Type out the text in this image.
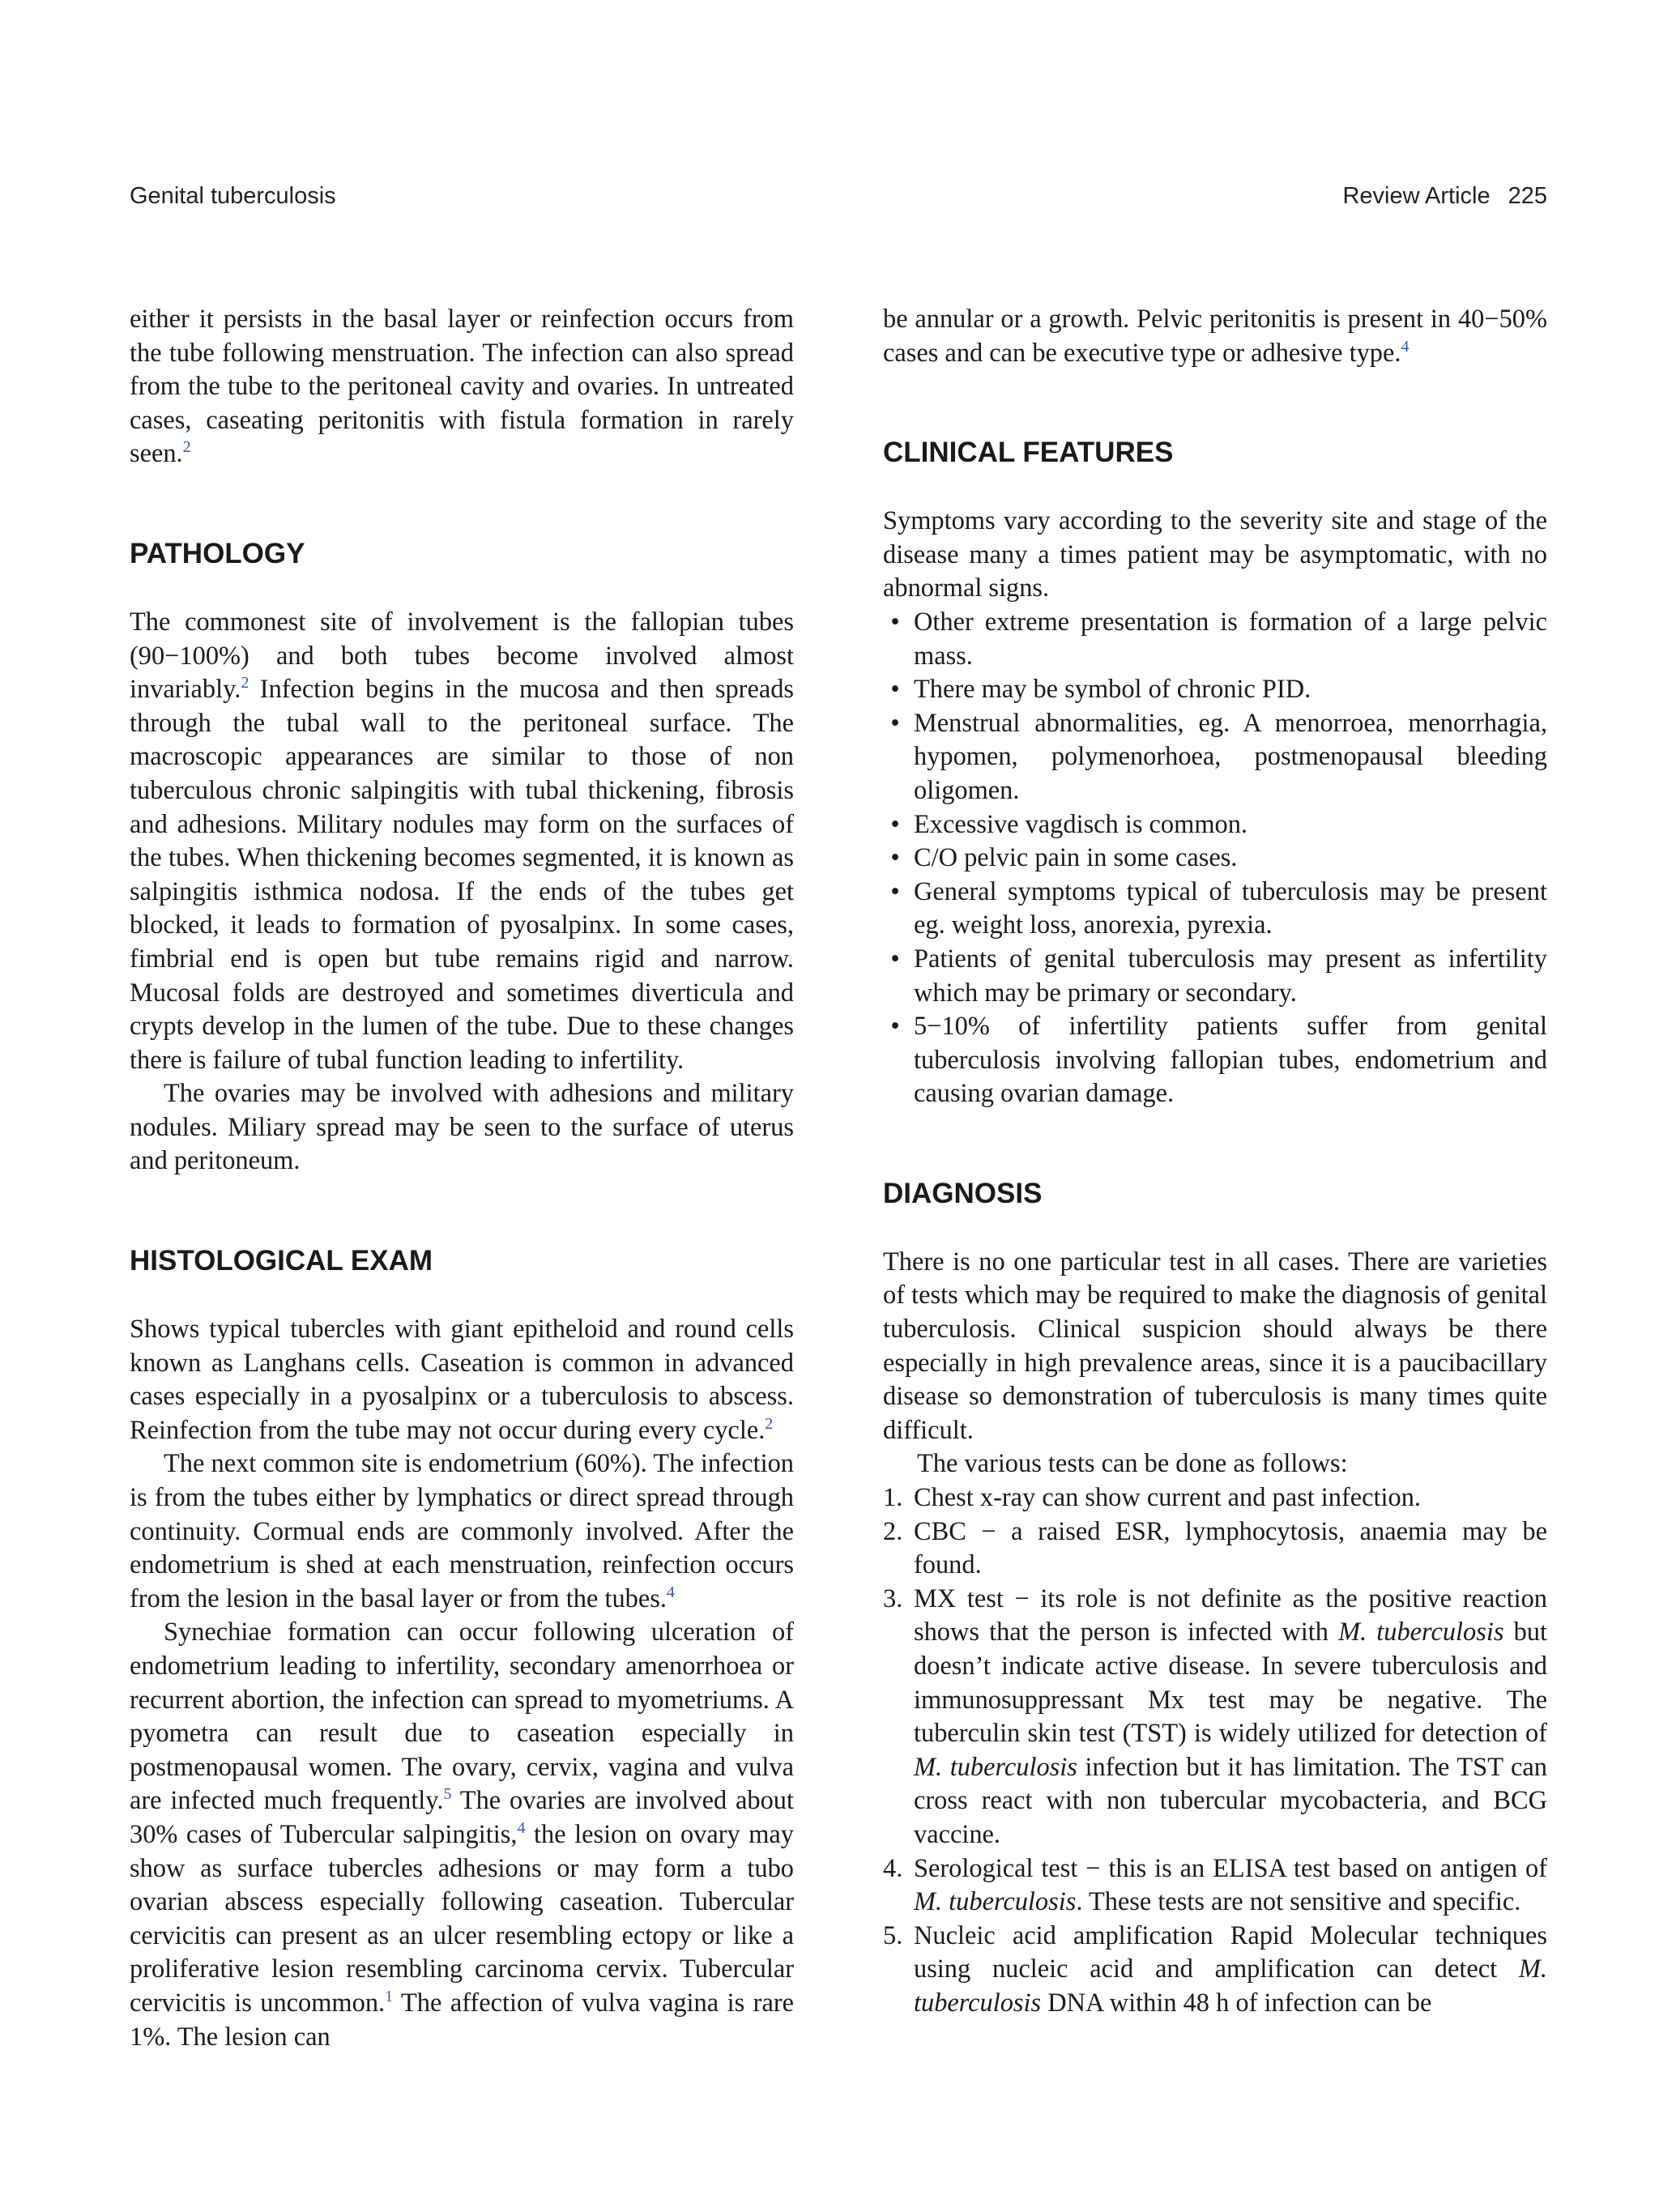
Genital tuberculosis	Review Article 225

either it persists in the basal layer or reinfection occurs from the tube following menstruation. The infection can also spread from the tube to the peritoneal cavity and ovaries. In untreated cases, caseating peritonitis with fistula formation in rarely seen.$^2$

PATHOLOGY

The commonest site of involvement is the fallopian tubes (90−100%) and both tubes become involved almost invariably.$^2$ Infection begins in the mucosa and then spreads through the tubal wall to the peritoneal surface. The macroscopic appearances are similar to those of non tuberculous chronic salpingitis with tubal thickening, fibrosis and adhesions. Military nodules may form on the surfaces of the tubes. When thickening becomes segmented, it is known as salpingitis isthmica nodosa. If the ends of the tubes get blocked, it leads to formation of pyosalpinx. In some cases, fimbrial end is open but tube remains rigid and narrow. Mucosal folds are destroyed and sometimes diverticula and crypts develop in the lumen of the tube. Due to these changes there is failure of tubal function leading to infertility.

The ovaries may be involved with adhesions and military nodules. Miliary spread may be seen to the surface of uterus and peritoneum.

HISTOLOGICAL EXAM

Shows typical tubercles with giant epitheloid and round cells known as Langhans cells. Caseation is common in advanced cases especially in a pyosalpinx or a tuberculosis to abscess. Reinfection from the tube may not occur during every cycle.$^2$

The next common site is endometrium (60%). The infection is from the tubes either by lymphatics or direct spread through continuity. Cormual ends are commonly involved. After the endometrium is shed at each menstruation, reinfection occurs from the lesion in the basal layer or from the tubes.$^4$

Synechiae formation can occur following ulceration of endometrium leading to infertility, secondary amenorrhoea or recurrent abortion, the infection can spread to myometriums. A pyometra can result due to caseation especially in postmenopausal women. The ovary, cervix, vagina and vulva are infected much frequently.$^5$ The ovaries are involved about 30% cases of Tubercular salpingitis,$^4$ the lesion on ovary may show as surface tubercles adhesions or may form a tubo ovarian abscess especially following caseation. Tubercular cervicitis can present as an ulcer resembling ectopy or like a proliferative lesion resembling carcinoma cervix. Tubercular cervicitis is uncommon.$^1$ The affection of vulva vagina is rare 1%. The lesion can

be annular or a growth. Pelvic peritonitis is present in 40−50% cases and can be executive type or adhesive type.$^4$

CLINICAL FEATURES

Symptoms vary according to the severity site and stage of the disease many a times patient may be asymptomatic, with no abnormal signs.

• Other extreme presentation is formation of a large pelvic mass.
• There may be symbol of chronic PID.
• Menstrual abnormalities, eg. A menorroea, menorrhagia, hypomen, polymenorhoea, postmenopausal bleeding oligomen.
• Excessive vagdisch is common.
• C/O pelvic pain in some cases.
• General symptoms typical of tuberculosis may be present eg. weight loss, anorexia, pyrexia.
• Patients of genital tuberculosis may present as infertility which may be primary or secondary.
• 5−10% of infertility patients suffer from genital tuberculosis involving fallopian tubes, endometrium and causing ovarian damage.
DIAGNOSIS

There is no one particular test in all cases. There are varieties of tests which may be required to make the diagnosis of genital tuberculosis. Clinical suspicion should always be there especially in high prevalence areas, since it is a paucibacillary disease so demonstration of tuberculosis is many times quite difficult.

The various tests can be done as follows:

1. Chest x-ray can show current and past infection.
2. CBC − a raised ESR, lymphocytosis, anaemia may be found.
3. MX test − its role is not definite as the positive reaction shows that the person is infected with M. tuberculosis but doesn’t indicate active disease. In severe tuberculosis and immunosuppressant Mx test may be negative. The tuberculin skin test (TST) is widely utilized for detection of M. tuberculosis infection but it has limitation. The TST can cross react with non tubercular mycobacteria, and BCG vaccine.
4. Serological test − this is an ELISA test based on antigen of M. tuberculosis. These tests are not sensitive and specific.
5. Nucleic acid amplification Rapid Molecular techniques using nucleic acid and amplification can detect M. tuberculosis DNA within 48 h of infection can be
